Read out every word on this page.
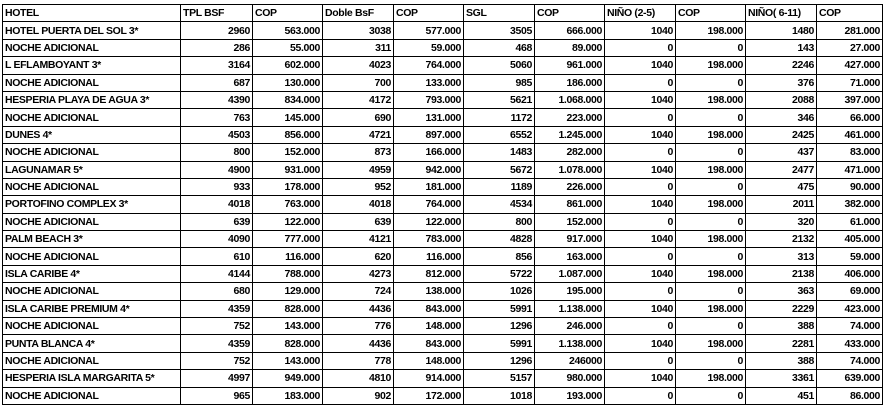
HOTEL	TPL BSF	COP	Doble BsF	COP	SGL	COP	NIÑO (2-5)	COP	NIÑO( 6-11)	COP
HOTEL PUERTA DEL SOL 3*	2960	563.000	3038	577.000	3505	666.000	1040	198.000	1480	281.000
NOCHE ADICIONAL	286	55.000	311	59.000	468	89.000	0	0	143	27.000
L EFLAMBOYANT 3*	3164	602.000	4023	764.000	5060	961.000	1040	198.000	2246	427.000
NOCHE ADICIONAL	687	130.000	700	133.000	985	186.000	0	0	376	71.000
HESPERIA PLAYA DE AGUA 3*	4390	834.000	4172	793.000	5621	1.068.000	1040	198.000	2088	397.000
NOCHE ADICIONAL	763	145.000	690	131.000	1172	223.000	0	0	346	66.000
DUNES 4*	4503	856.000	4721	897.000	6552	1.245.000	1040	198.000	2425	461.000
NOCHE ADICIONAL	800	152.000	873	166.000	1483	282.000	0	0	437	83.000
LAGUNAMAR 5*	4900	931.000	4959	942.000	5672	1.078.000	1040	198.000	2477	471.000
NOCHE ADICIONAL	933	178.000	952	181.000	1189	226.000	0	0	475	90.000
PORTOFINO COMPLEX 3*	4018	763.000	4018	764.000	4534	861.000	1040	198.000	2011	382.000
NOCHE ADICIONAL	639	122.000	639	122.000	800	152.000	0	0	320	61.000
PALM BEACH 3*	4090	777.000	4121	783.000	4828	917.000	1040	198.000	2132	405.000
NOCHE ADICIONAL	610	116.000	620	116.000	856	163.000	0	0	313	59.000
ISLA CARIBE 4*	4144	788.000	4273	812.000	5722	1.087.000	1040	198.000	2138	406.000
NOCHE ADICIONAL	680	129.000	724	138.000	1026	195.000	0	0	363	69.000
ISLA CARIBE PREMIUM 4*	4359	828.000	4436	843.000	5991	1.138.000	1040	198.000	2229	423.000
NOCHE ADICIONAL	752	143.000	776	148.000	1296	246.000	0	0	388	74.000
PUNTA BLANCA 4*	4359	828.000	4436	843.000	5991	1.138.000	1040	198.000	2281	433.000
NOCHE ADICIONAL	752	143.000	778	148.000	1296	246000	0	0	388	74.000
HESPERIA ISLA MARGARITA 5*	4997	949.000	4810	914.000	5157	980.000	1040	198.000	3361	639.000
NOCHE ADICIONAL	965	183.000	902	172.000	1018	193.000	0	0	451	86.000
